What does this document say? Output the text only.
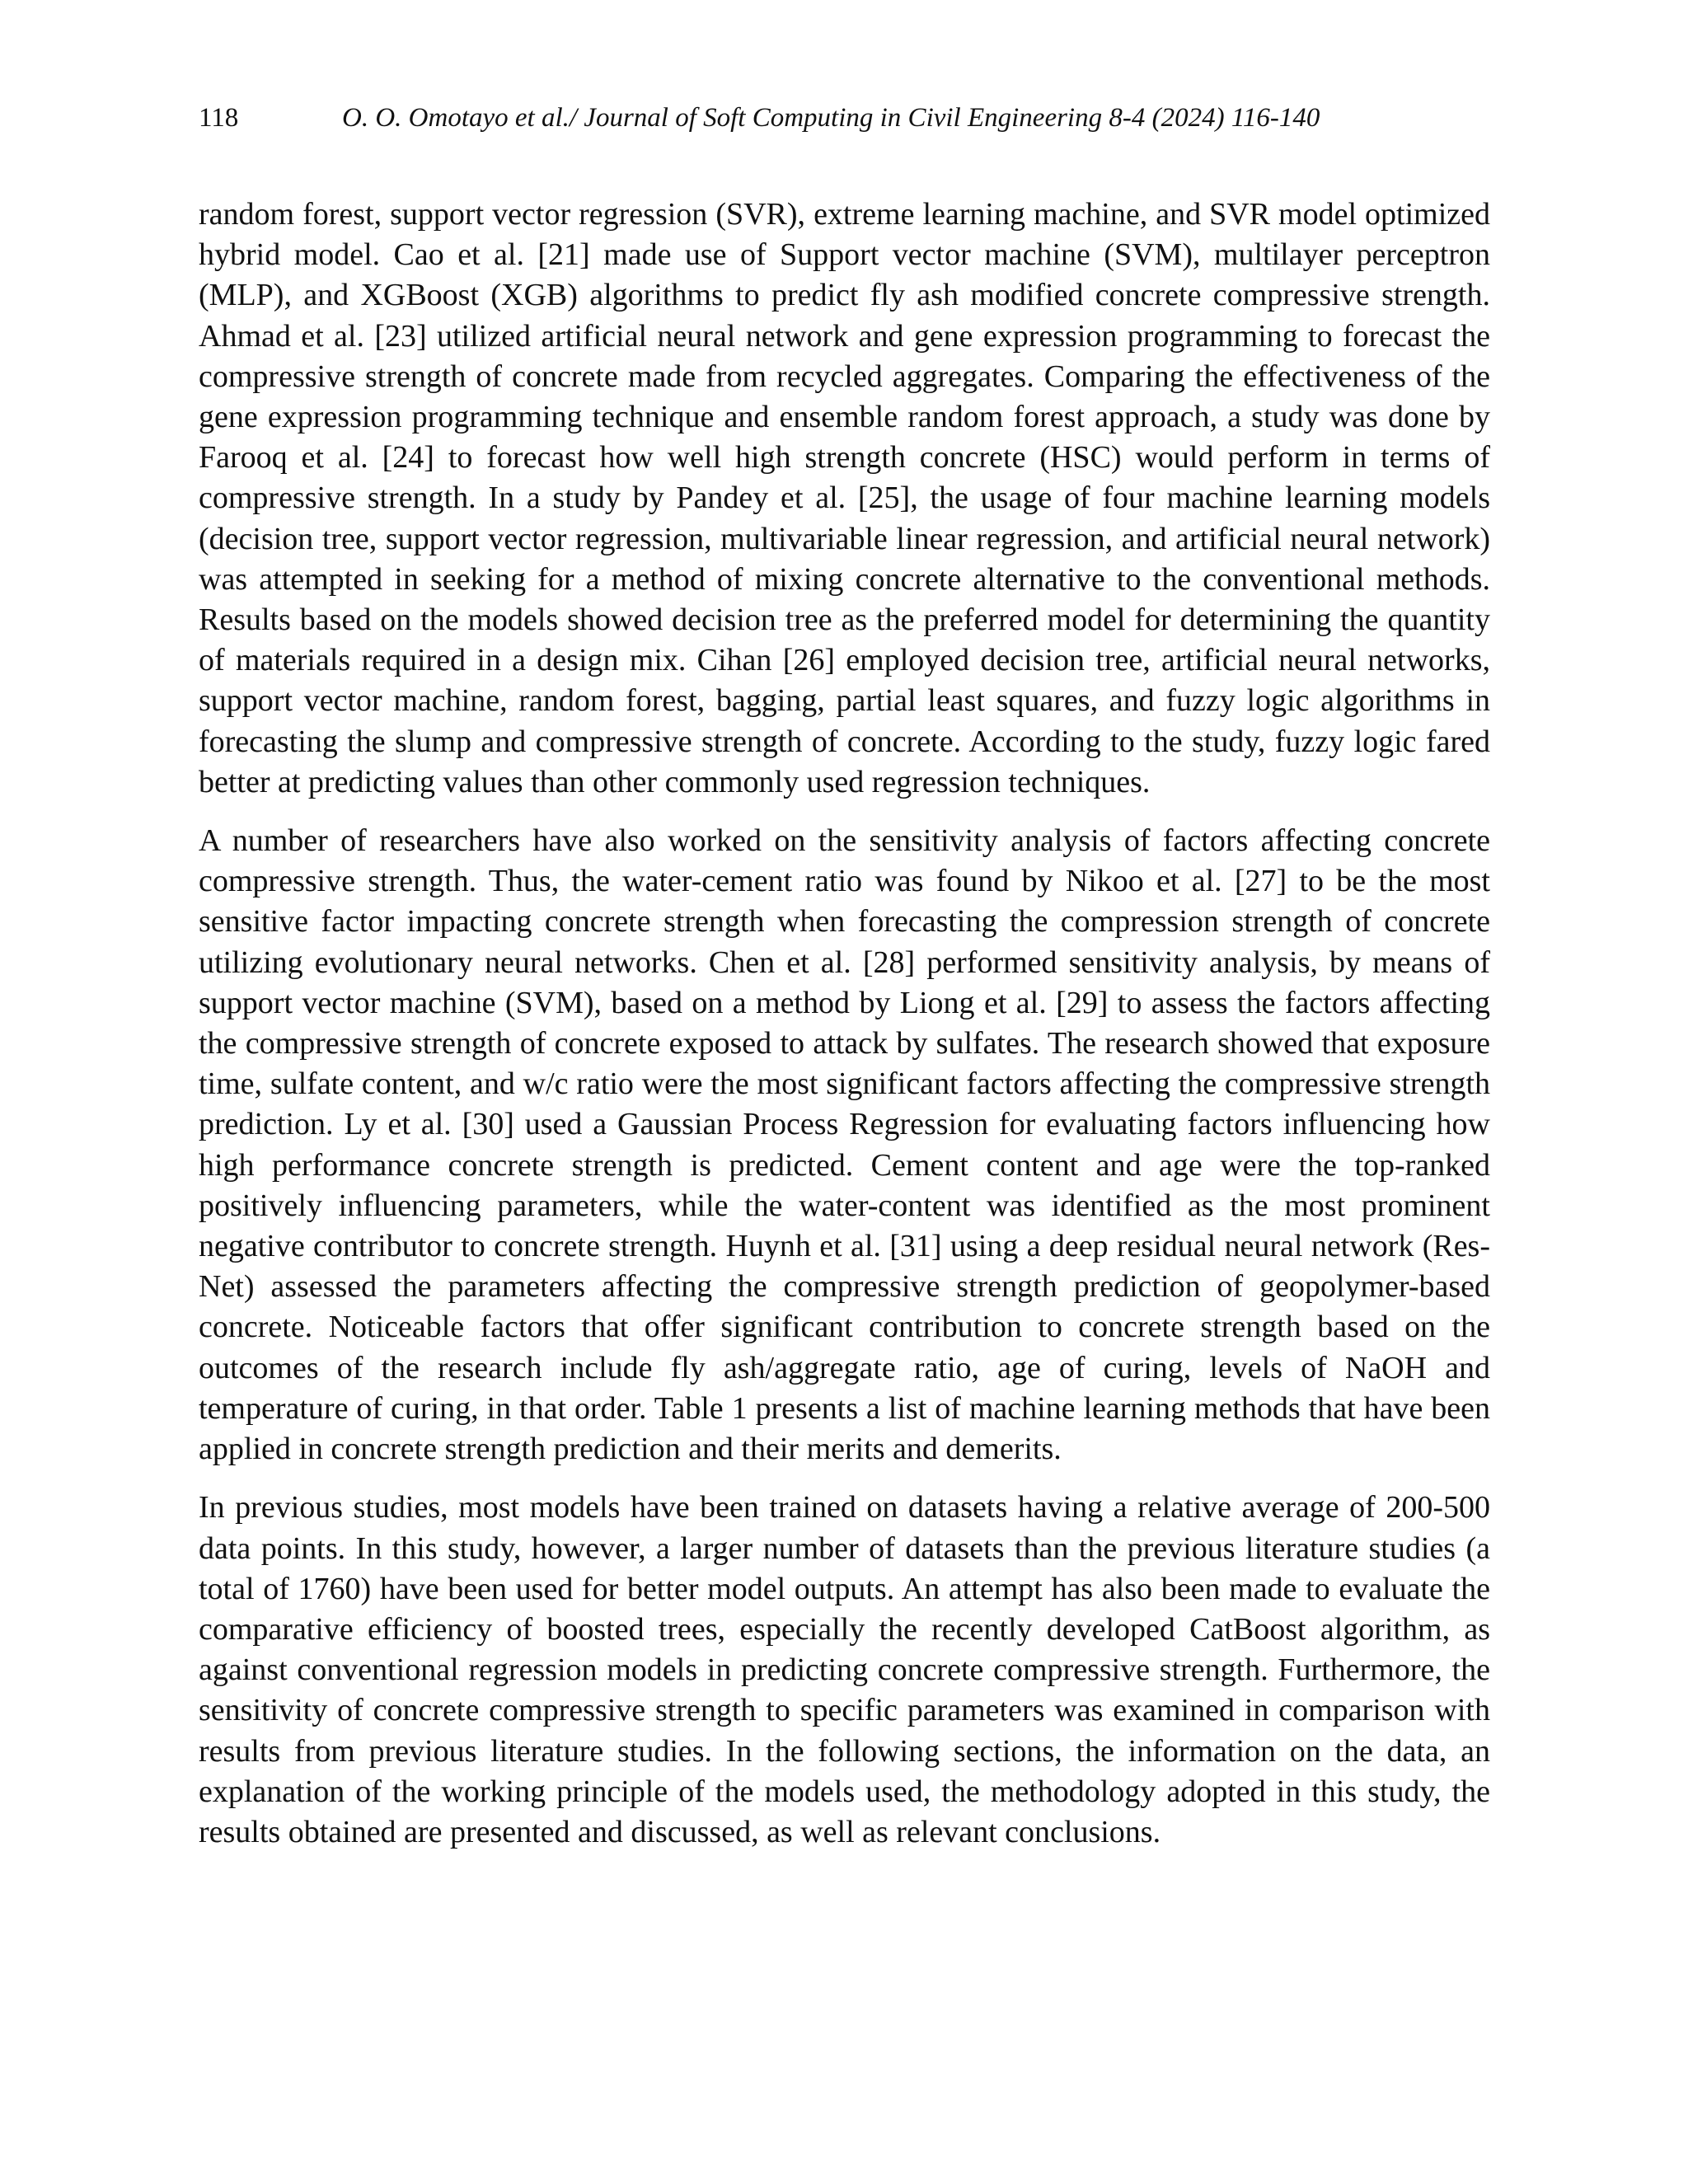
118	O. O. Omotayo et al./ Journal of Soft Computing in Civil Engineering 8-4 (2024) 116-140

random forest, support vector regression (SVR), extreme learning machine, and SVR model optimized hybrid model. Cao et al. [21] made use of Support vector machine (SVM), multilayer perceptron (MLP), and XGBoost (XGB) algorithms to predict fly ash modified concrete compressive strength. Ahmad et al. [23] utilized artificial neural network and gene expression programming to forecast the compressive strength of concrete made from recycled aggregates. Comparing the effectiveness of the gene expression programming technique and ensemble random forest approach, a study was done by Farooq et al. [24] to forecast how well high strength concrete (HSC) would perform in terms of compressive strength. In a study by Pandey et al. [25], the usage of four machine learning models (decision tree, support vector regression, multivariable linear regression, and artificial neural network) was attempted in seeking for a method of mixing concrete alternative to the conventional methods. Results based on the models showed decision tree as the preferred model for determining the quantity of materials required in a design mix. Cihan [26] employed decision tree, artificial neural networks, support vector machine, random forest, bagging, partial least squares, and fuzzy logic algorithms in forecasting the slump and compressive strength of concrete. According to the study, fuzzy logic fared better at predicting values than other commonly used regression techniques.

A number of researchers have also worked on the sensitivity analysis of factors affecting concrete compressive strength. Thus, the water-cement ratio was found by Nikoo et al. [27] to be the most sensitive factor impacting concrete strength when forecasting the compression strength of concrete utilizing evolutionary neural networks. Chen et al. [28] performed sensitivity analysis, by means of support vector machine (SVM), based on a method by Liong et al. [29] to assess the factors affecting the compressive strength of concrete exposed to attack by sulfates. The research showed that exposure time, sulfate content, and w/c ratio were the most significant factors affecting the compressive strength prediction. Ly et al. [30] used a Gaussian Process Regression for evaluating factors influencing how high performance concrete strength is predicted. Cement content and age were the top-ranked positively influencing parameters, while the water-content was identified as the most prominent negative contributor to concrete strength. Huynh et al. [31] using a deep residual neural network (Res-Net) assessed the parameters affecting the compressive strength prediction of geopolymer-based concrete. Noticeable factors that offer significant contribution to concrete strength based on the outcomes of the research include fly ash/aggregate ratio, age of curing, levels of NaOH and temperature of curing, in that order. Table 1 presents a list of machine learning methods that have been applied in concrete strength prediction and their merits and demerits.

In previous studies, most models have been trained on datasets having a relative average of 200-500 data points. In this study, however, a larger number of datasets than the previous literature studies (a total of 1760) have been used for better model outputs. An attempt has also been made to evaluate the comparative efficiency of boosted trees, especially the recently developed CatBoost algorithm, as against conventional regression models in predicting concrete compressive strength. Furthermore, the sensitivity of concrete compressive strength to specific parameters was examined in comparison with results from previous literature studies. In the following sections, the information on the data, an explanation of the working principle of the models used, the methodology adopted in this study, the results obtained are presented and discussed, as well as relevant conclusions.
